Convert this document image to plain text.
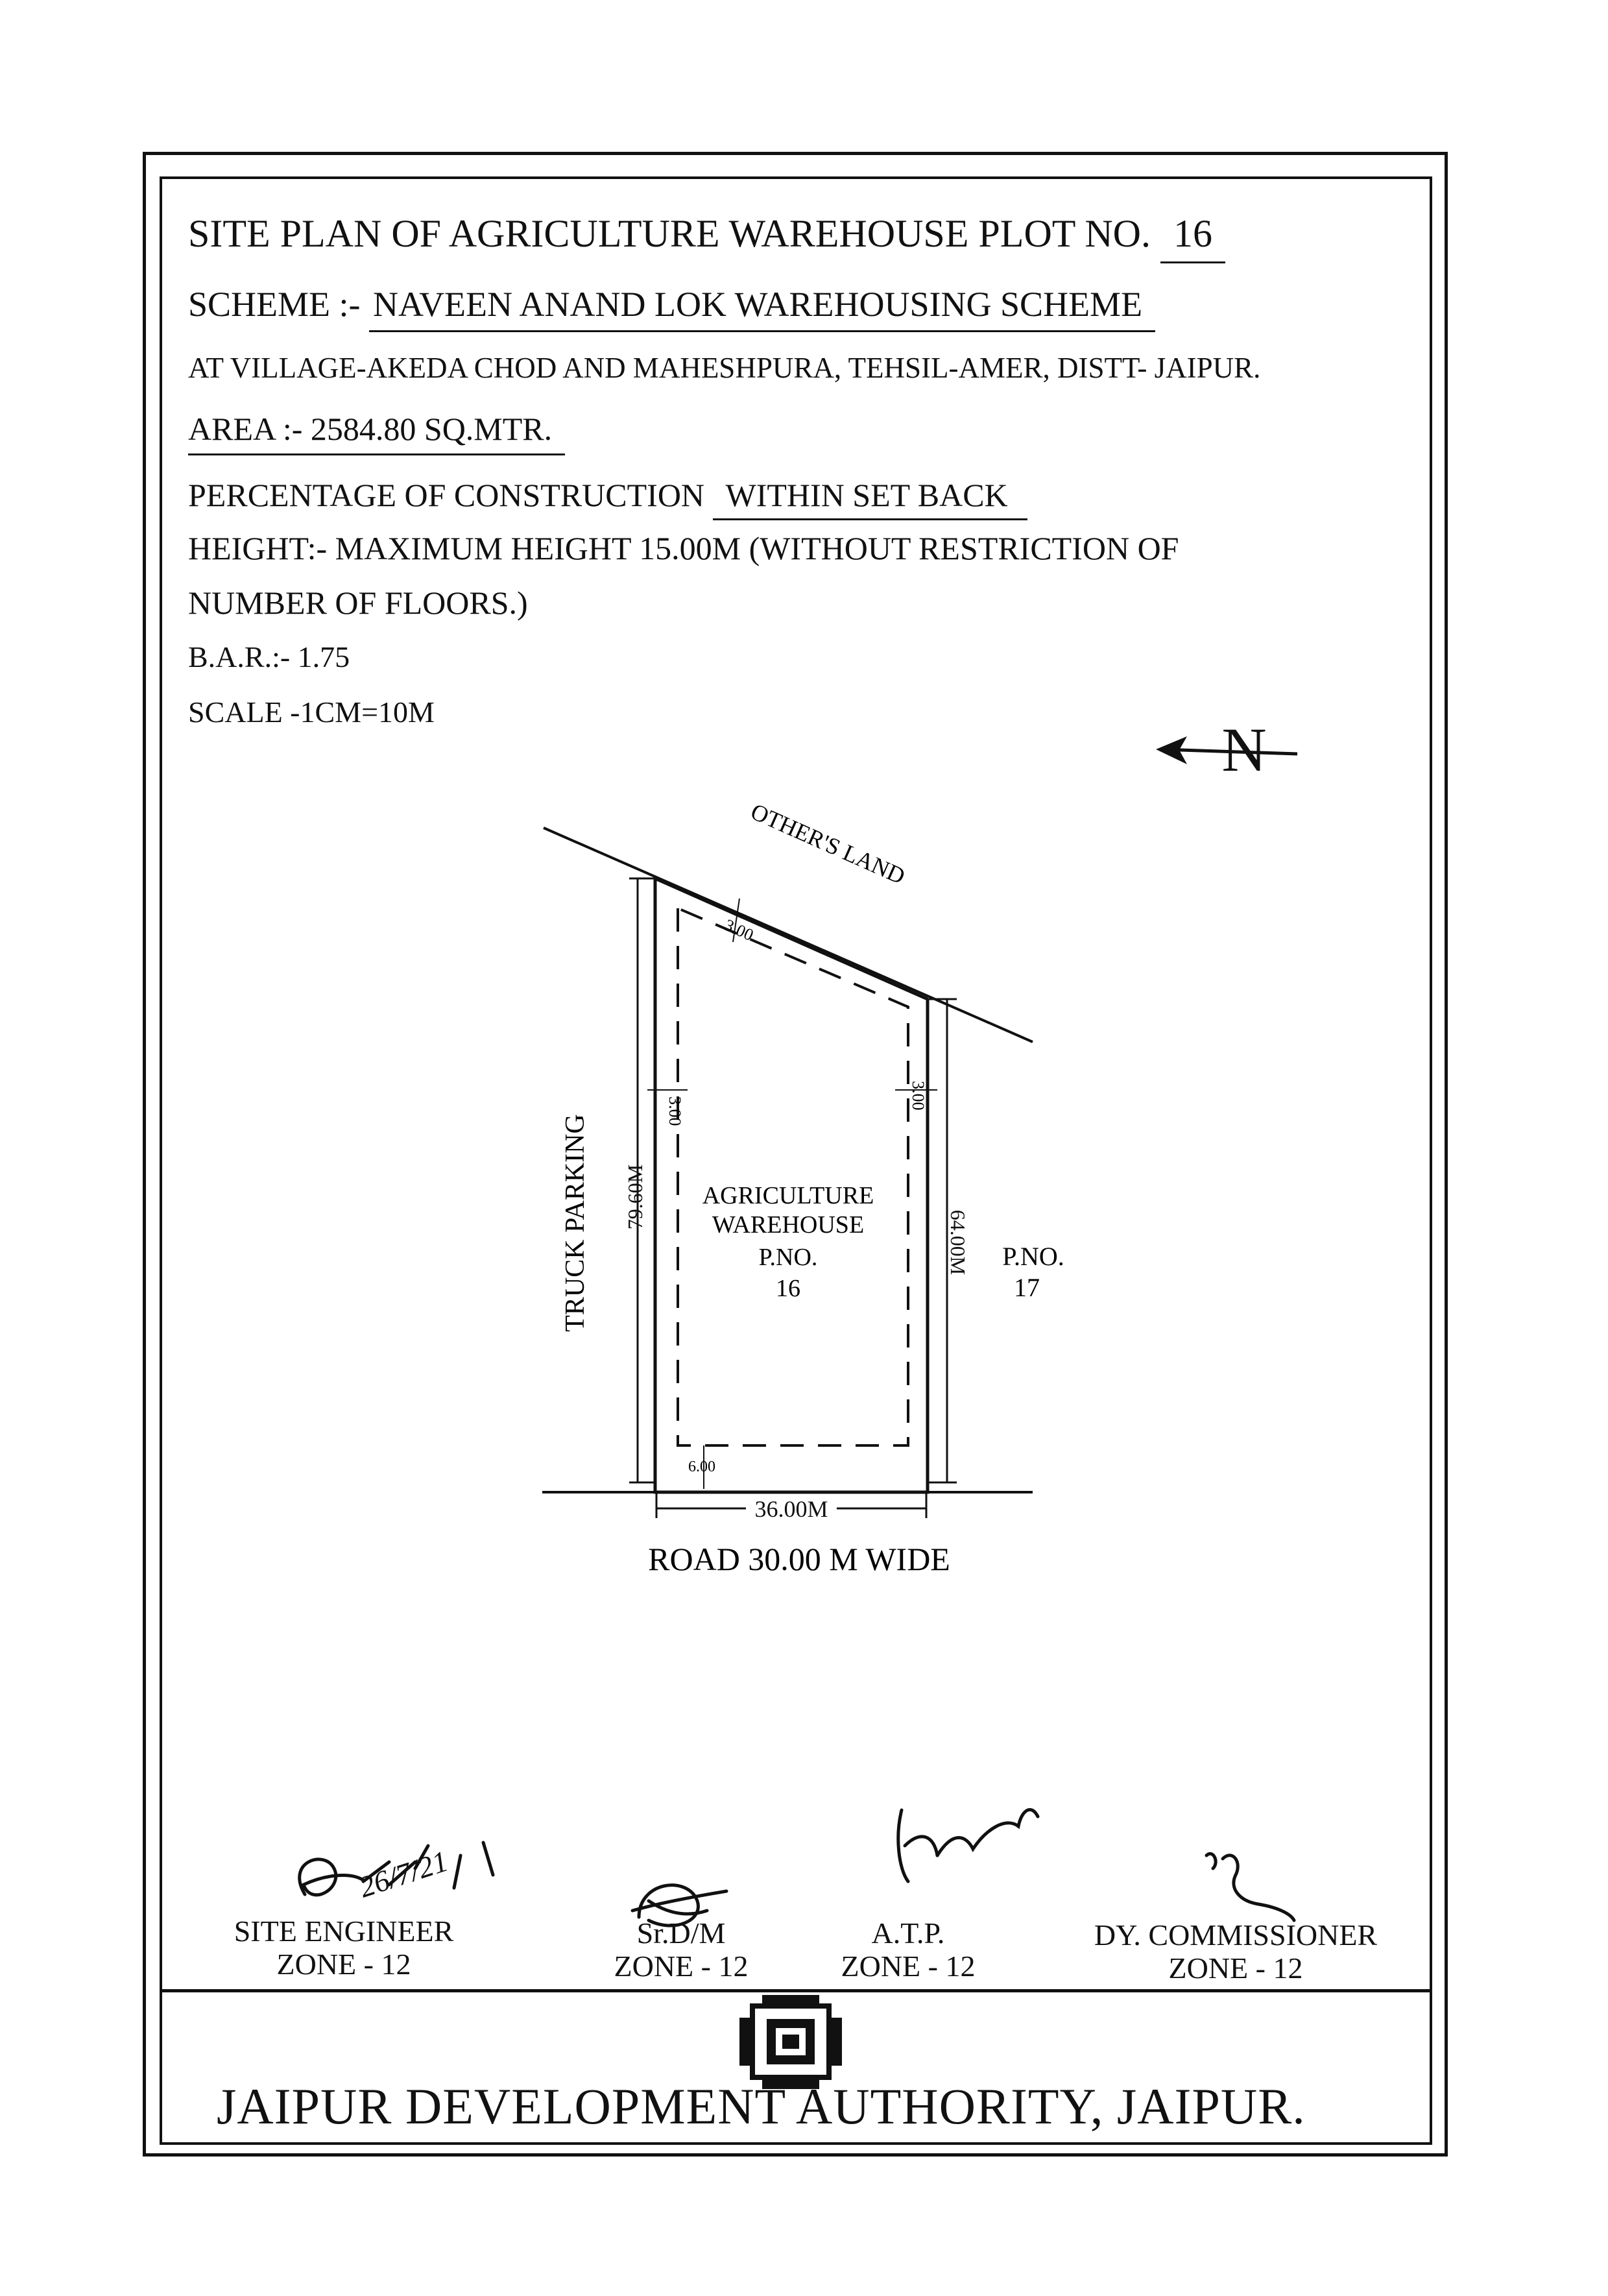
SITE PLAN OF AGRICULTURE WAREHOUSE PLOT NO. 16
SCHEME :- NAVEEN ANAND LOK WAREHOUSING SCHEME
AT VILLAGE-AKEDA CHOD AND MAHESHPURA, TEHSIL-AMER, DISTT- JAIPUR.
AREA :- 2584.80 SQ.MTR.
PERCENTAGE OF CONSTRUCTION WITHIN SET BACK
HEIGHT:- MAXIMUM HEIGHT 15.00M (WITHOUT RESTRICTION OF
NUMBER OF FLOORS.)
B.A.R.:- 1.75
SCALE -1CM=10M
N
OTHER'S LAND
79.60M
64.00M
36.00M
3.00
3.00
3.00
6.00
AGRICULTURE
WAREHOUSE
P.NO.
16
P.NO.
17
TRUCK PARKING
ROAD 30.00 M WIDE
26/7/21
SITE ENGINEER
ZONE - 12
Sr.D/M
ZONE - 12
A.T.P.
ZONE - 12
DY. COMMISSIONER
ZONE - 12
JAIPUR DEVELOPMENT AUTHORITY, JAIPUR.
